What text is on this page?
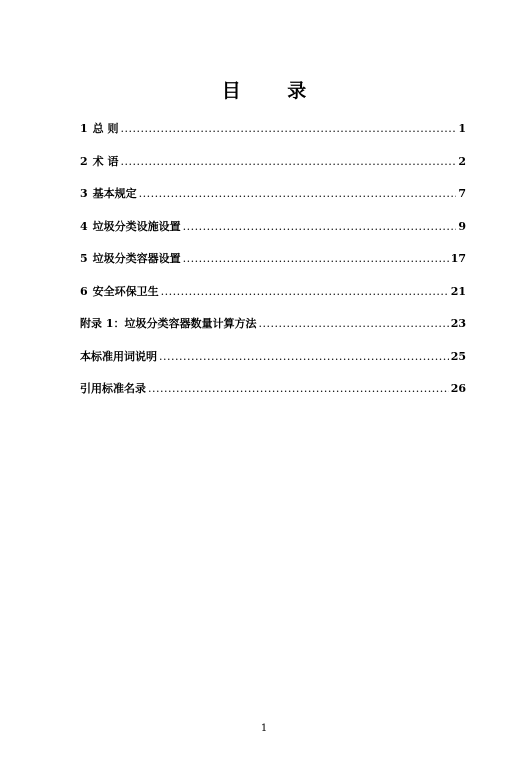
目 录
1 总 则 .....	1
2 术 语 .....	2
3 基本规定 .....	7
4 垃圾分类设施设置 .....	9
5 垃圾分类容器设置 .....	17
6 安全环保卫生 .....	21
附录 1：垃圾分类容器数量计算方法 .....	23
本标准用词说明 .....	25
引用标准名录 .....	26
1
